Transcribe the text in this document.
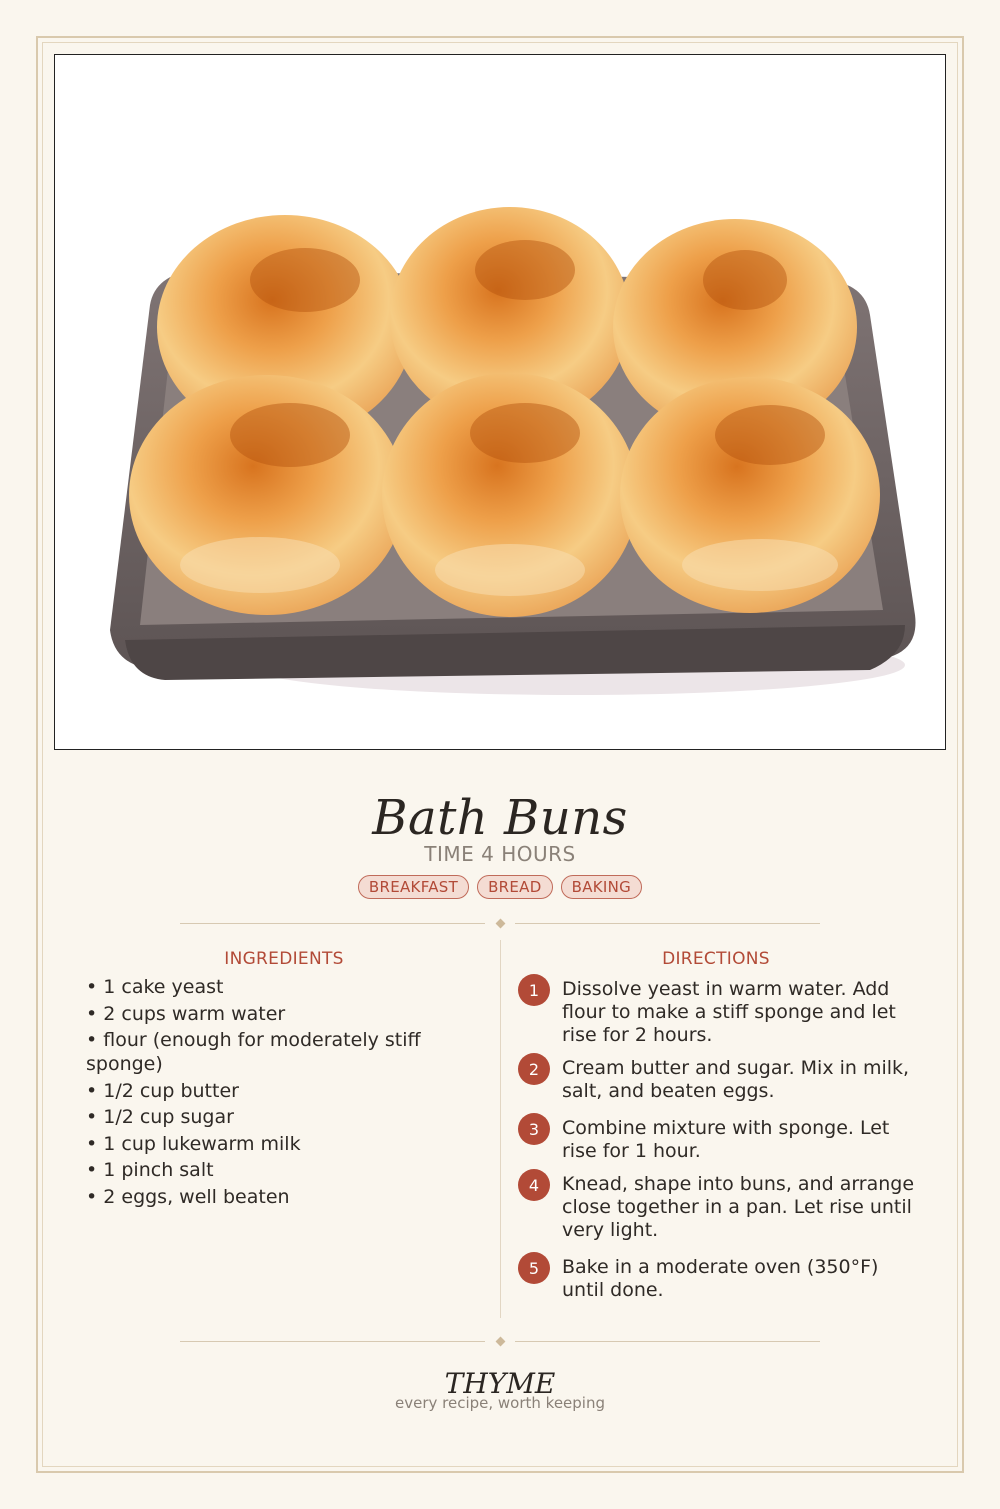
Bath Buns
TIME 4 HOURS
BREAKFAST	BREAD	BAKING
INGREDIENTS	DIRECTIONS
• 1 cake yeast
• 2 cups warm water
• flour (enough for moderately stiff sponge)
• 1/2 cup butter
• 1/2 cup sugar
• 1 cup lukewarm milk
• 1 pinch salt
• 2 eggs, well beaten
1	Dissolve yeast in warm water. Add flour to make a stiff sponge and let rise for 2 hours.
2	Cream butter and sugar. Mix in milk, salt, and beaten eggs.
3	Combine mixture with sponge. Let rise for 1 hour.
4	Knead, shape into buns, and arrange close together in a pan. Let rise until very light.
5	Bake in a moderate oven (350°F) until done.
THYME
every recipe, worth keeping
